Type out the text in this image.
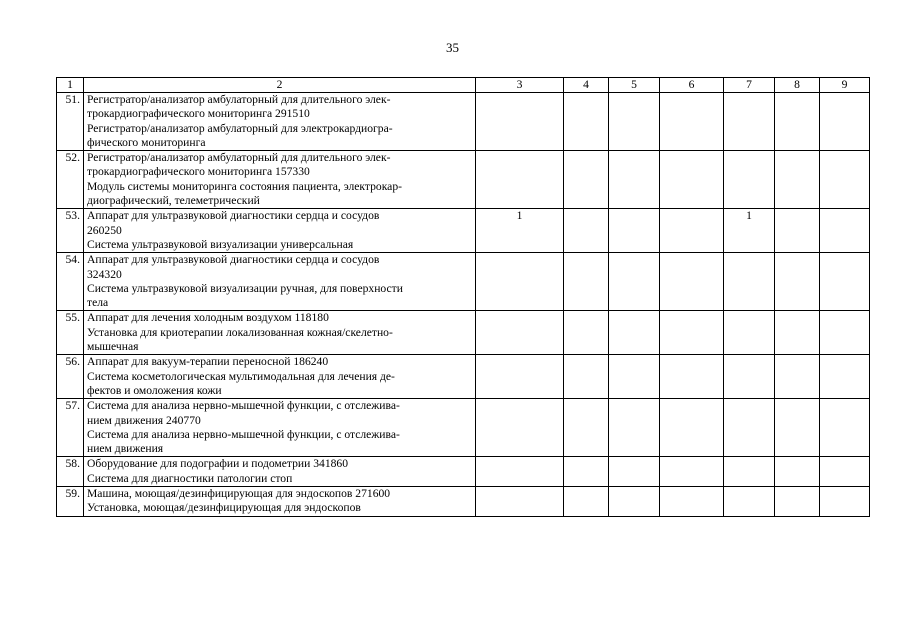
35
1	2	3	4	5	6	7	8	9
51.	Регистратор/анализатор амбулаторный для длительного элек-
трокардиографического мониторинга 291510
Регистратор/анализатор амбулаторный для электрокардиогра-
фического мониторинга							

52.	Регистратор/анализатор амбулаторный для длительного элек-
трокардиографического мониторинга 157330
Модуль системы мониторинга состояния пациента, электрокар-
диографический, телеметрический							

53.	Аппарат для ультразвуковой диагностики сердца и сосудов
260250
Система ультразвуковой визуализации универсальная	1				1		
54.	Аппарат для ультразвуковой диагностики сердца и сосудов
324320
Система ультразвуковой визуализации ручная, для поверхности
тела							

55.	Аппарат для лечения холодным воздухом 118180
Установка для криотерапии локализованная кожная/скелетно-
мышечная							

56.	Аппарат для вакуум-терапии переносной 186240
Система косметологическая мультимодальная для лечения де-
фектов и омоложения кожи							

57.	Система для анализа нервно-мышечной функции, с отслежива-
нием движения 240770
Система для анализа нервно-мышечной функции, с отслежива-
нием движения							

58.	Оборудование для подографии и подометрии 341860
Система для диагностики патологии стоп							

59.	Машина, моющая/дезинфицирующая для эндоскопов 271600
Установка, моющая/дезинфицирующая для эндоскопов							
